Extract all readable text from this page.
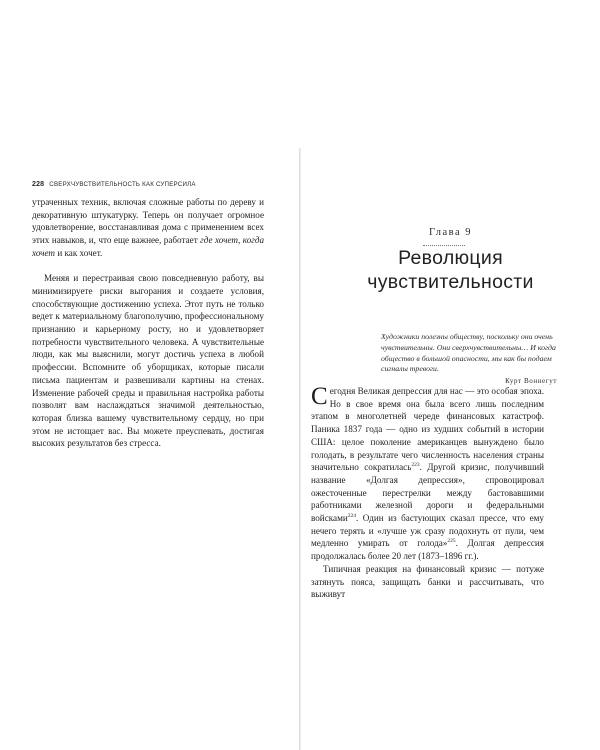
228 СВЕРХЧУВСТВИТЕЛЬНОСТЬ КАК СУПЕРСИЛА

утраченных техник, включая сложные работы по дереву и декоративную штукатурку. Теперь он получает огромное удовлетворение, восстанавливая дома с применением всех этих навыков, и, что еще важнее, работает где хочет, когда хочет и как хочет.

Меняя и перестраивая свою повседневную работу, вы минимизируете риски выгорания и создаете условия, способствующие достижению успеха. Этот путь не только ведет к материальному благополучию, профессиональному признанию и карьерному росту, но и удовлетворяет потребности чувствительного человека. А чувствительные люди, как мы выяснили, могут достичь успеха в любой профессии. Вспомните об уборщиках, которые писали письма пациентам и развешивали картины на стенах. Изменение рабочей среды и правильная настройка работы позволят вам наслаждаться значимой деятельностью, которая близка вашему чувствительному сердцу, но при этом не истощает вас. Вы можете преуспевать, достигая высоких результатов без стресса.

Глава 9
Революция
чувствительности
Художники полезны обществу, поскольку они очень чувствительны. Они сверхчувствительны… И когда общество в большой опасности, мы как бы подаем сигналы тревоги.
Курт Воннегут

Сегодня Великая депрессия для нас — это особая эпоха. Но в свое время она была всего лишь последним этапом в многолетней череде финансовых катастроф. Паника 1837 года — одно из худших событий в истории США: целое поколение американцев вынуждено было голодать, в результате чего численность населения страны значительно сократилась$^{223}$. Другой кризис, получивший название «Долгая депрессия», спровоцировал ожесточенные перестрелки между бастовавшими работниками железной дороги и федеральными войсками$^{224}$. Один из бастующих сказал прессе, что ему нечего терять и «лучше уж сразу подохнуть от пули, чем медленно умирать от голода»$^{225}$. Долгая депрессия продолжалась более 20 лет (1873–1896 гг.).

Типичная реакция на финансовый кризис — потуже затянуть пояса, защищать банки и рассчитывать, что выживут
